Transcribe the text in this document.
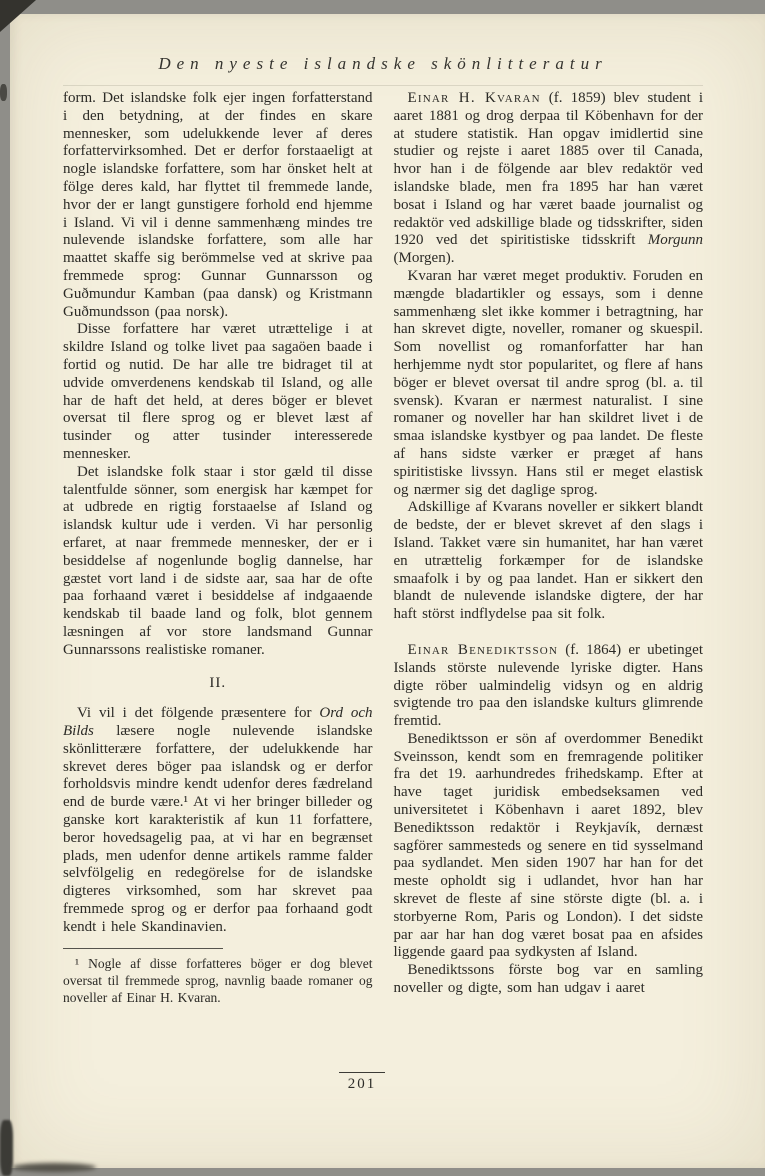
Den nyeste islandske skönlitteratur

form. Det islandske folk ejer ingen forfatterstand i den betydning, at der findes en skare mennesker, som udelukkende lever af deres forfattervirksomhed. Det er derfor forstaaeligt at nogle islandske forfattere, som har önsket helt at fölge deres kald, har flyttet til fremmede lande, hvor der er langt gunstigere forhold end hjemme i Island. Vi vil i denne sammenhæng mindes tre nulevende islandske forfattere, som alle har maattet skaffe sig berömmelse ved at skrive paa fremmede sprog: Gunnar Gunnarsson og Guðmundur Kamban (paa dansk) og Kristmann Guðmundsson (paa norsk).

Disse forfattere har været utrættelige i at skildre Island og tolke livet paa sagaöen baade i fortid og nutid. De har alle tre bidraget til at udvide omverdenens kendskab til Island, og alle har de haft det held, at deres böger er blevet oversat til flere sprog og er blevet læst af tusinder og atter tusinder interesserede mennesker.

Det islandske folk staar i stor gæld til disse talentfulde sönner, som energisk har kæmpet for at udbrede en rigtig forstaaelse af Island og islandsk kultur ude i verden. Vi har personlig erfaret, at naar fremmede mennesker, der er i besiddelse af nogenlunde boglig dannelse, har gæstet vort land i de sidste aar, saa har de ofte paa forhaand været i besiddelse af indgaaende kendskab til baade land og folk, blot gennem læsningen af vor store landsmand Gunnar Gunnarssons realistiske romaner.

II.

Vi vil i det fölgende præsentere for Ord och Bilds læsere nogle nulevende islandske skönlitterære forfattere, der udelukkende har skrevet deres böger paa islandsk og er derfor forholdsvis mindre kendt udenfor deres fædreland end de burde være.¹ At vi her bringer billeder og ganske kort karakteristik af kun 11 forfattere, beror hovedsagelig paa, at vi har en begrænset plads, men udenfor denne artikels ramme falder selvfölgelig en redegörelse for de islandske digteres virksomhed, som har skrevet paa fremmede sprog og er derfor paa forhaand godt kendt i hele Skandinavien.

¹ Nogle af disse forfatteres böger er dog blevet oversat til fremmede sprog, navnlig baade romaner og noveller af Einar H. Kvaran.

Einar H. Kvaran (f. 1859) blev student i aaret 1881 og drog derpaa til Köbenhavn for der at studere statistik. Han opgav imidlertid sine studier og rejste i aaret 1885 over til Canada, hvor han i de fölgende aar blev redaktör ved islandske blade, men fra 1895 har han været bosat i Island og har været baade journalist og redaktör ved adskillige blade og tidsskrifter, siden 1920 ved det spiritistiske tidsskrift Morgunn (Morgen).

Kvaran har været meget produktiv. Foruden en mængde bladartikler og essays, som i denne sammenhæng slet ikke kommer i betragtning, har han skrevet digte, noveller, romaner og skuespil. Som novellist og romanforfatter har han herhjemme nydt stor popularitet, og flere af hans böger er blevet oversat til andre sprog (bl. a. til svensk). Kvaran er nærmest naturalist. I sine romaner og noveller har han skildret livet i de smaa islandske kystbyer og paa landet. De fleste af hans sidste værker er præget af hans spiritistiske livssyn. Hans stil er meget elastisk og nærmer sig det daglige sprog.

Adskillige af Kvarans noveller er sikkert blandt de bedste, der er blevet skrevet af den slags i Island. Takket være sin humanitet, har han været en utrættelig forkæmper for de islandske smaafolk i by og paa landet. Han er sikkert den blandt de nulevende islandske digtere, der har haft störst indflydelse paa sit folk.

Einar Benediktsson (f. 1864) er ubetinget Islands störste nulevende lyriske digter. Hans digte röber ualmindelig vidsyn og en aldrig svigtende tro paa den islandske kulturs glimrende fremtid.

Benediktsson er sön af overdommer Benedikt Sveinsson, kendt som en fremragende politiker fra det 19. aarhundredes frihedskamp. Efter at have taget juridisk embedseksamen ved universitetet i Köbenhavn i aaret 1892, blev Benediktsson redaktör i Reykjavík, dernæst sagförer sammesteds og senere en tid sysselmand paa sydlandet. Men siden 1907 har han for det meste opholdt sig i udlandet, hvor han har skrevet de fleste af sine störste digte (bl. a. i storbyerne Rom, Paris og London). I det sidste par aar har han dog været bosat paa en afsides liggende gaard paa sydkysten af Island.

Benediktssons förste bog var en samling noveller og digte, som han udgav i aaret

201
